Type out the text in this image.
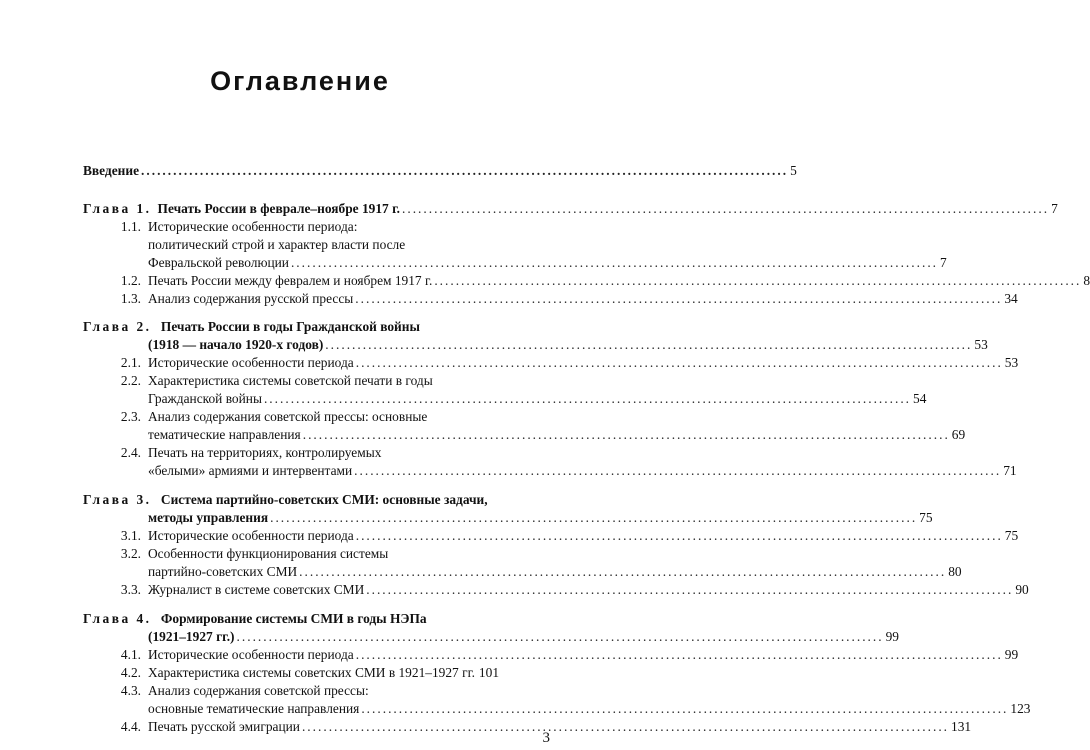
Оглавление
Введение ......................................................................................................................... 5
Глава 1. Печать России в феврале–ноябре 1917 г. ......................................................................................................................... 7
1.1. Исторические особенности периода:
политический строй и характер власти после
Февральской революции ......................................................................................................................... 7
1.2. Печать России между февралем и ноябрем 1917 г. ......................................................................................................................... 8
1.3. Анализ содержания русской прессы ......................................................................................................................... 34
Глава 2. Печать России в годы Гражданской войны
(1918 — начало 1920-х годов) ......................................................................................................................... 53
2.1. Исторические особенности периода ......................................................................................................................... 53
2.2. Характеристика системы советской печати в годы
Гражданской войны ......................................................................................................................... 54
2.3. Анализ содержания советской прессы: основные
тематические направления ......................................................................................................................... 69
2.4. Печать на территориях, контролируемых
«белыми» армиями и интервентами ......................................................................................................................... 71
Глава 3. Система партийно-советских СМИ: основные задачи,
методы управления ......................................................................................................................... 75
3.1. Исторические особенности периода ......................................................................................................................... 75
3.2. Особенности функционирования системы
партийно-советских СМИ ......................................................................................................................... 80
3.3. Журналист в системе советских СМИ ......................................................................................................................... 90
Глава 4. Формирование системы СМИ в годы НЭПа
(1921–1927 гг.) ......................................................................................................................... 99
4.1. Исторические особенности периода ......................................................................................................................... 99
4.2. Характеристика системы советских СМИ в 1921–1927 гг. 101
4.3. Анализ содержания советской прессы:
основные тематические направления ......................................................................................................................... 123
4.4. Печать русской эмиграции ......................................................................................................................... 131
3
